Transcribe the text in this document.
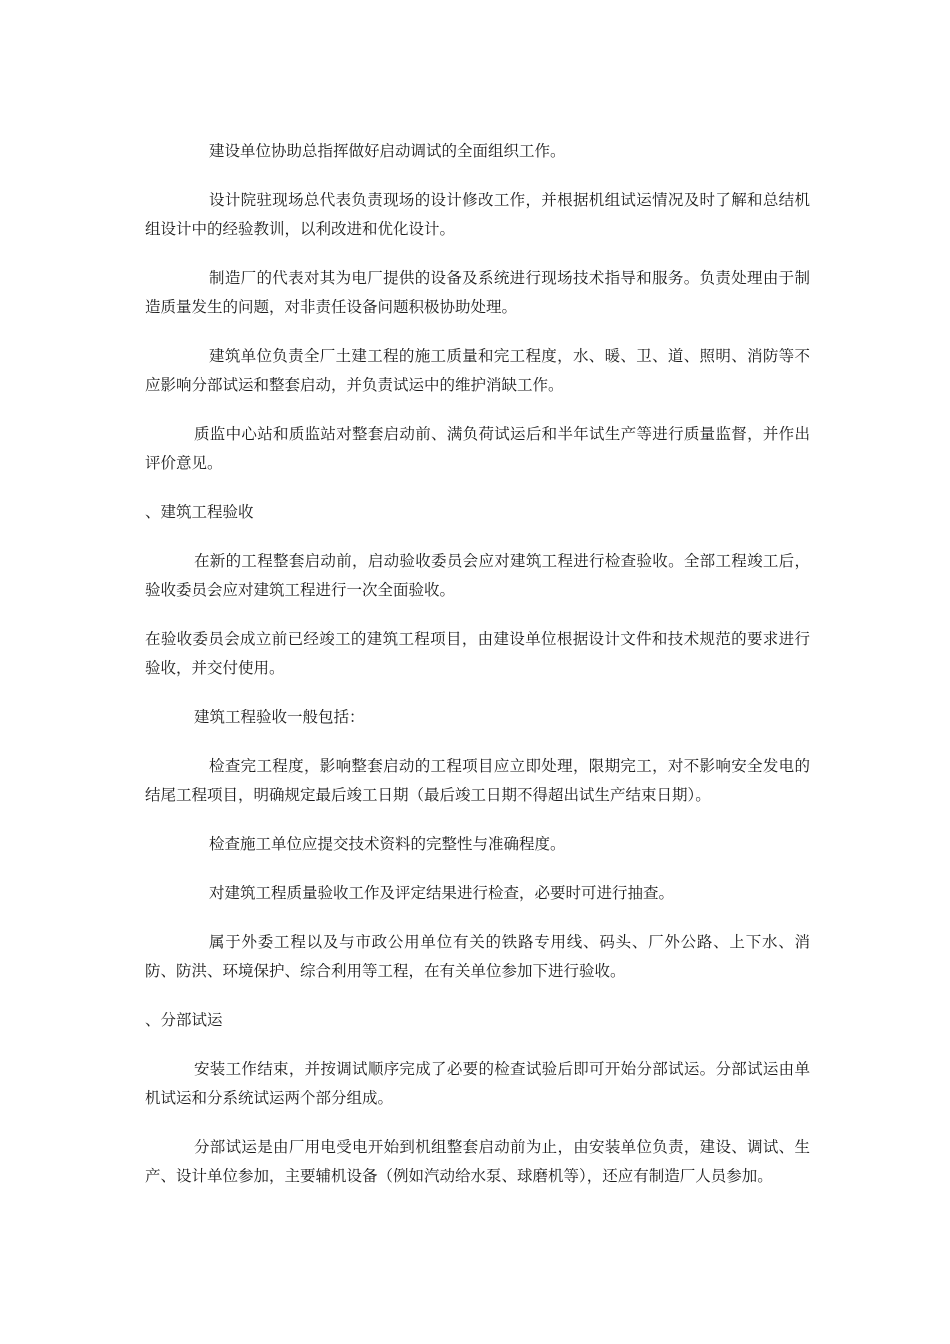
建设单位协助总指挥做好启动调试的全面组织工作。

设计院驻现场总代表负责现场的设计修改工作，并根据机组试运情况及时了解和总结机组设计中的经验教训，以利改进和优化设计。

制造厂的代表对其为电厂提供的设备及系统进行现场技术指导和服务。负责处理由于制造质量发生的问题，对非责任设备问题积极协助处理。

建筑单位负责全厂土建工程的施工质量和完工程度，水、暖、卫、道、照明、消防等不应影响分部试运和整套启动，并负责试运中的维护消缺工作。

质监中心站和质监站对整套启动前、满负荷试运后和半年试生产等进行质量监督，并作出评价意见。

、建筑工程验收

在新的工程整套启动前，启动验收委员会应对建筑工程进行检查验收。全部工程竣工后，验收委员会应对建筑工程进行一次全面验收。

在验收委员会成立前已经竣工的建筑工程项目，由建设单位根据设计文件和技术规范的要求进行验收，并交付使用。

建筑工程验收一般包括：

检查完工程度，影响整套启动的工程项目应立即处理，限期完工，对不影响安全发电的结尾工程项目，明确规定最后竣工日期（最后竣工日期不得超出试生产结束日期）。

检查施工单位应提交技术资料的完整性与准确程度。

对建筑工程质量验收工作及评定结果进行检查，必要时可进行抽查。

属于外委工程以及与市政公用单位有关的铁路专用线、码头、厂外公路、上下水、消防、防洪、环境保护、综合利用等工程，在有关单位参加下进行验收。

、分部试运

安装工作结束，并按调试顺序完成了必要的检查试验后即可开始分部试运。分部试运由单机试运和分系统试运两个部分组成。

分部试运是由厂用电受电开始到机组整套启动前为止，由安装单位负责，建设、调试、生产、设计单位参加，主要辅机设备（例如汽动给水泵、球磨机等），还应有制造厂人员参加。
